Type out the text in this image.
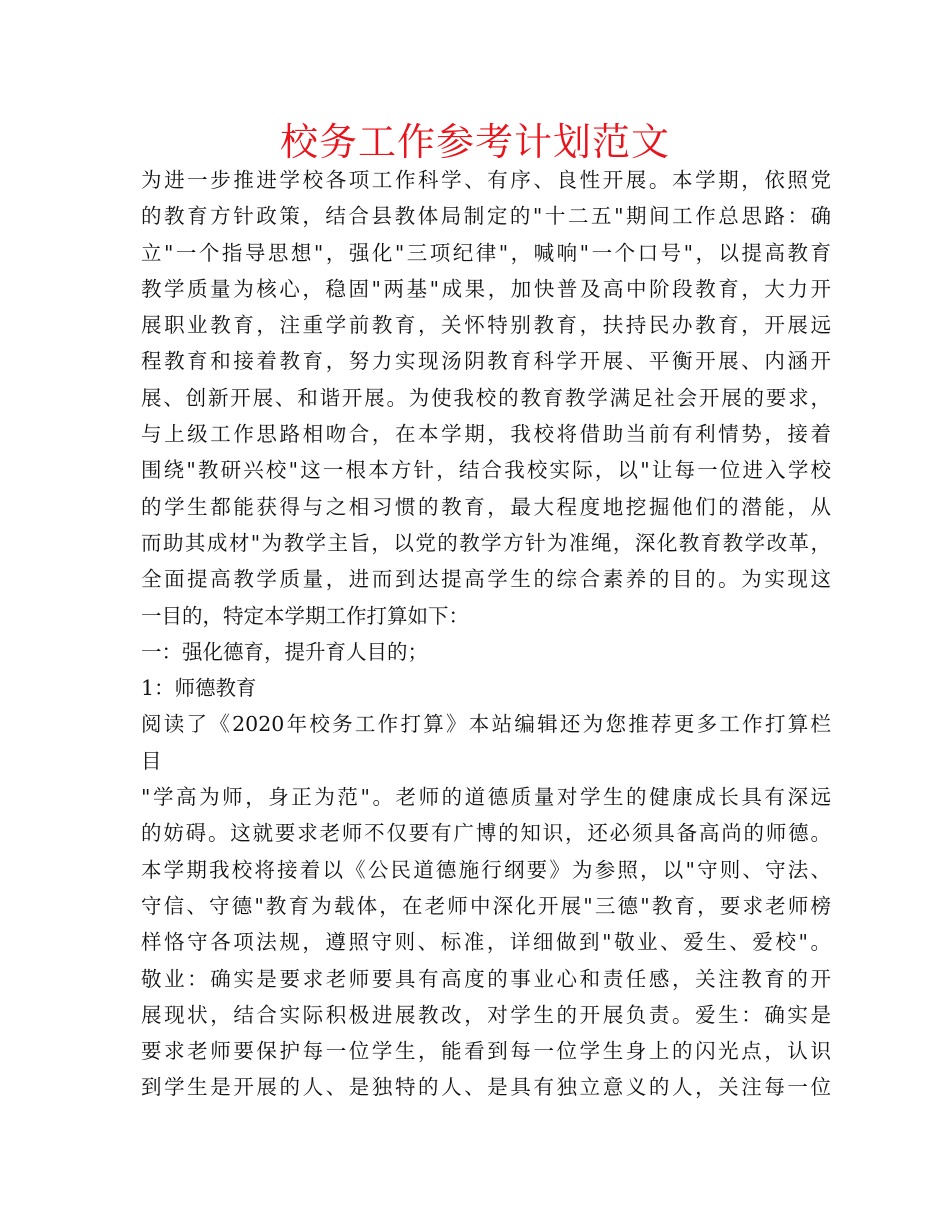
校务工作参考计划范文
为进一步推进学校各项工作科学、有序、良性开展。本学期，依照党
的教育方针政策，结合县教体局制定的"十二五"期间工作总思路：确
立"一个指导思想"，强化"三项纪律"，喊响"一个口号"，以提高教育
教学质量为核心，稳固"两基"成果，加快普及高中阶段教育，大力开
展职业教育，注重学前教育，关怀特别教育，扶持民办教育，开展远
程教育和接着教育，努力实现汤阴教育科学开展、平衡开展、内涵开
展、创新开展、和谐开展。为使我校的教育教学满足社会开展的要求，
与上级工作思路相吻合，在本学期，我校将借助当前有利情势，接着
围绕"教研兴校"这一根本方针，结合我校实际，以"让每一位进入学校
的学生都能获得与之相习惯的教育，最大程度地挖掘他们的潜能，从
而助其成材"为教学主旨，以党的教学方针为准绳，深化教育教学改革，
全面提高教学质量，进而到达提高学生的综合素养的目的。为实现这
一目的，特定本学期工作打算如下：
一：强化德育，提升育人目的；
1：师德教育
阅读了《2020年校务工作打算》本站编辑还为您推荐更多工作打算栏
目
"学高为师，身正为范"。老师的道德质量对学生的健康成长具有深远
的妨碍。这就要求老师不仅要有广博的知识，还必须具备高尚的师德。
本学期我校将接着以《公民道德施行纲要》为参照，以"守则、守法、
守信、守德"教育为载体，在老师中深化开展"三德"教育，要求老师榜
样恪守各项法规，遵照守则、标准，详细做到"敬业、爱生、爱校"。
敬业：确实是要求老师要具有高度的事业心和责任感，关注教育的开
展现状，结合实际积极进展教改，对学生的开展负责。爱生：确实是
要求老师要保护每一位学生，能看到每一位学生身上的闪光点，认识
到学生是开展的人、是独特的人、是具有独立意义的人，关注每一位
